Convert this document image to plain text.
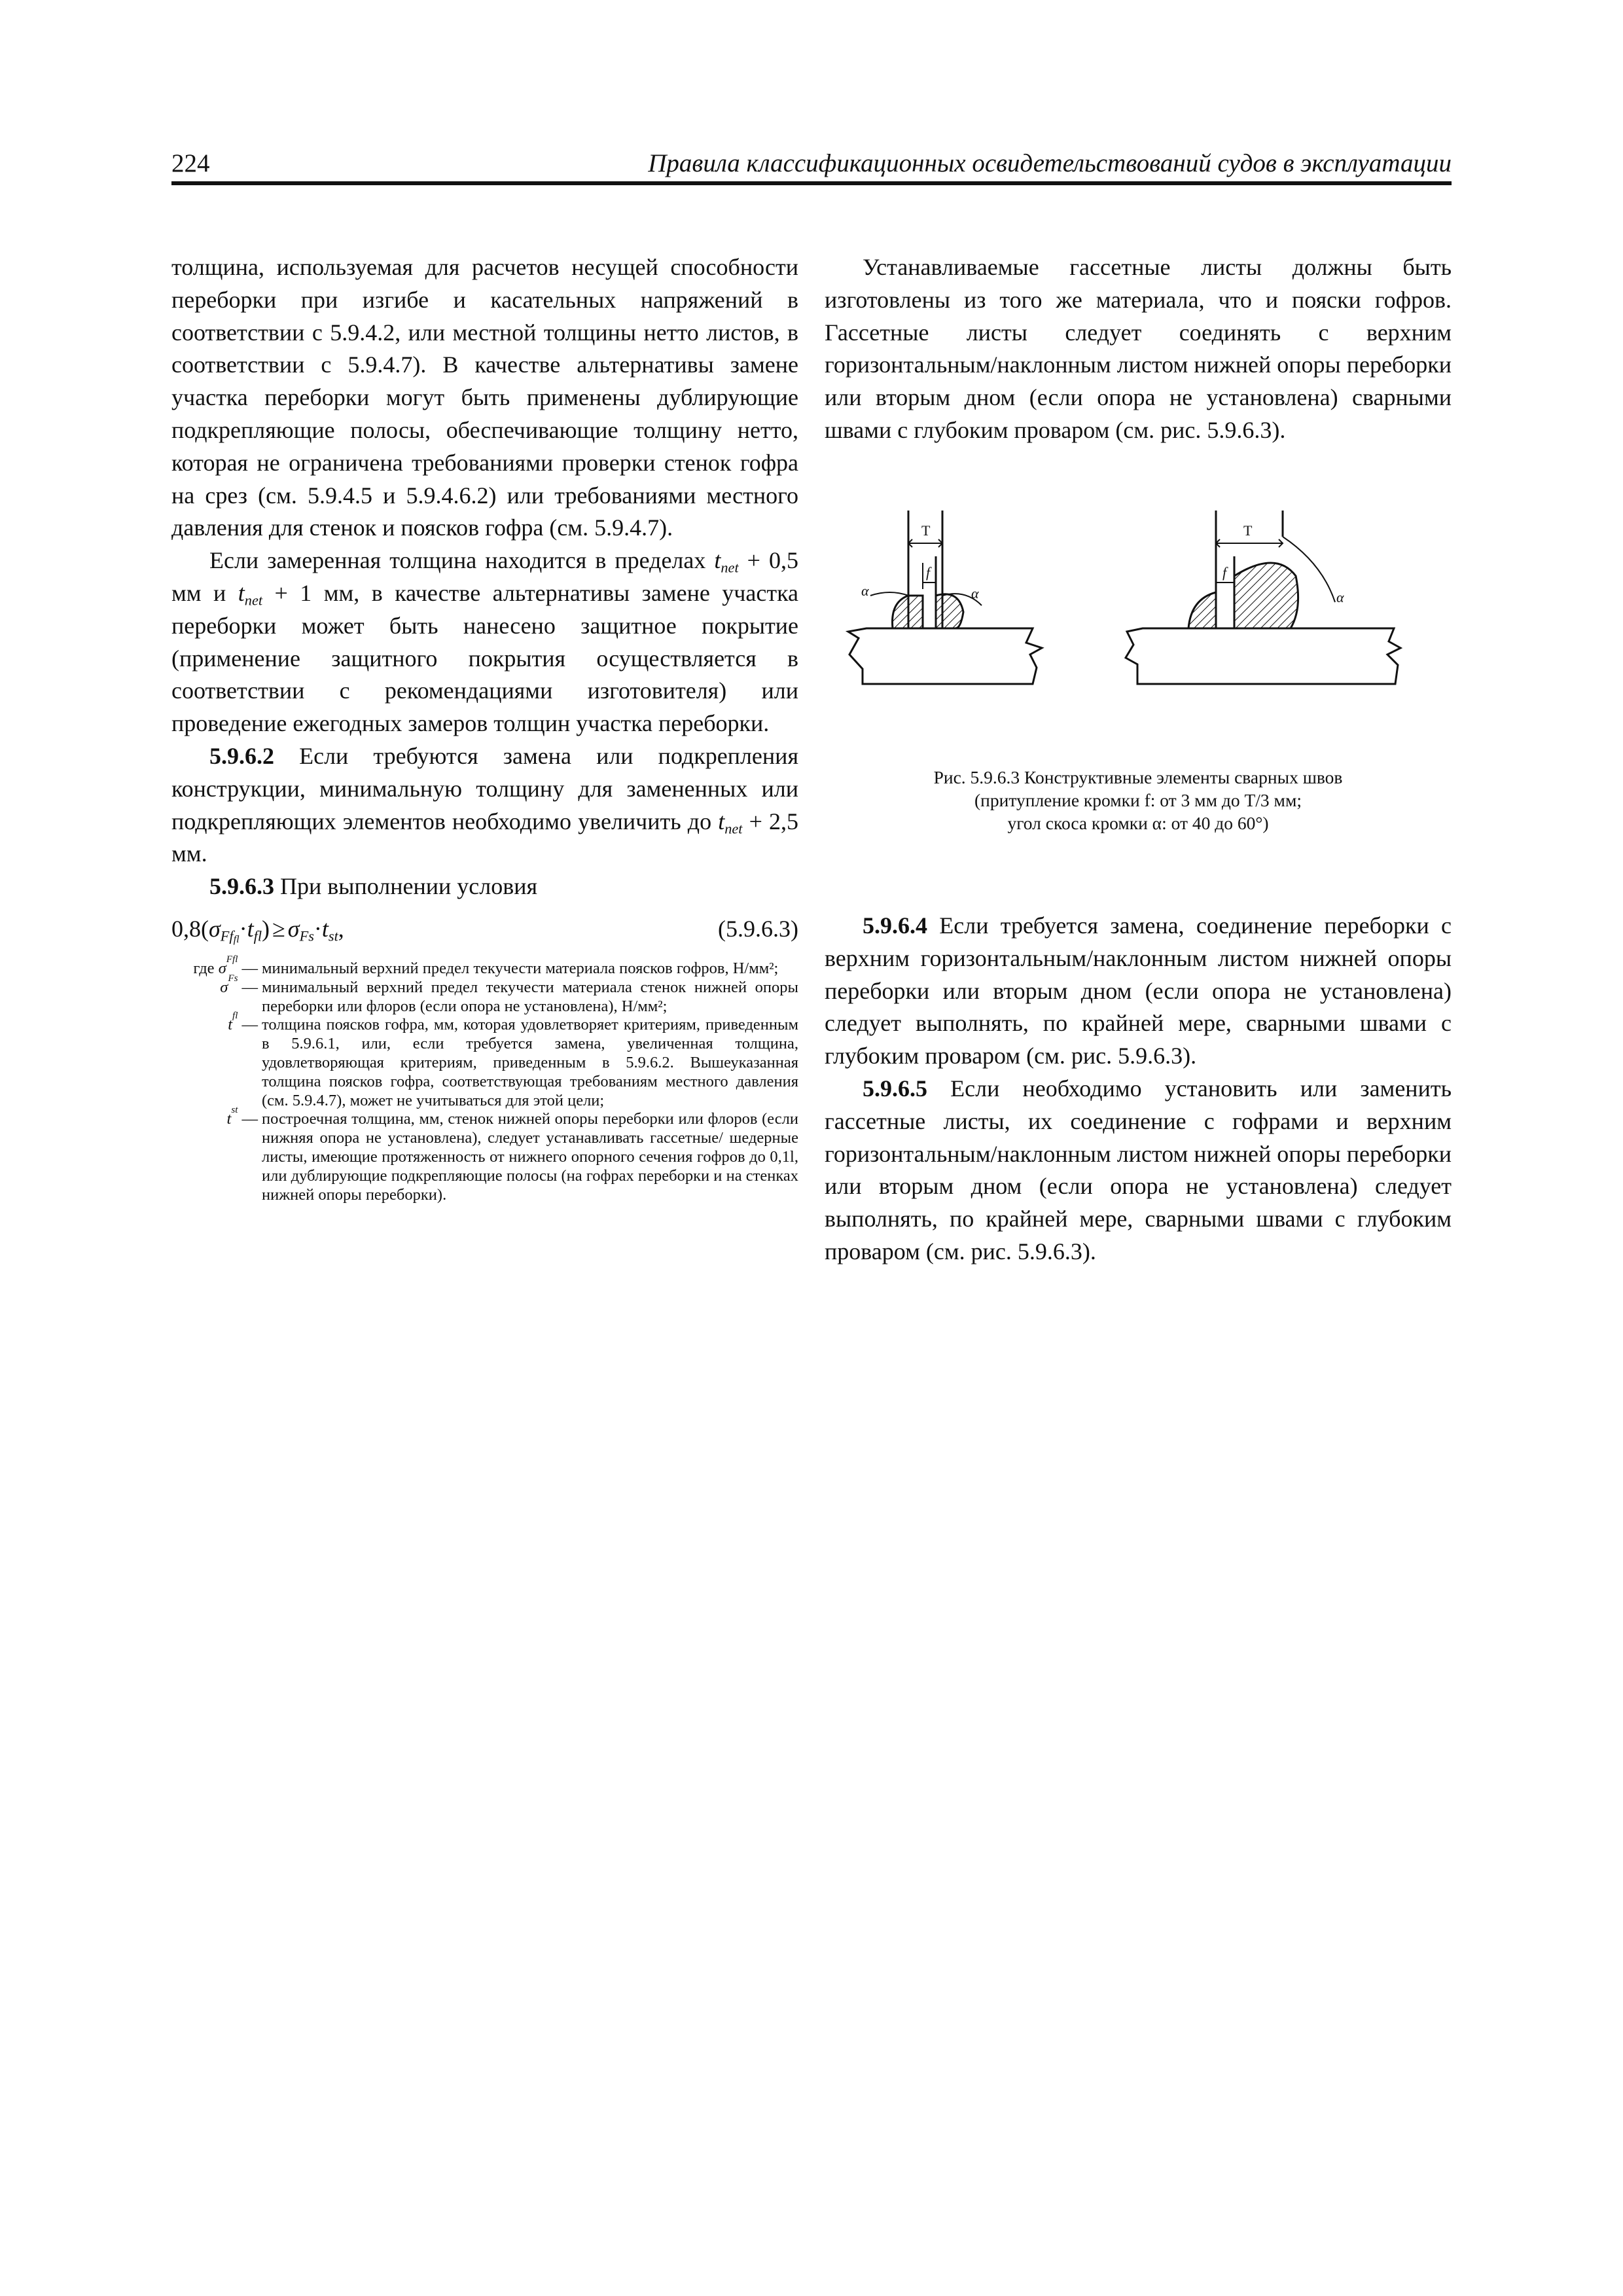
224	Правила классификационных освидетельствований судов в эксплуатации

толщина, используемая для расчетов несущей способности переборки при изгибе и касательных напряжений в соответствии с 5.9.4.2, или местной толщины нетто листов, в соответствии с 5.9.4.7). В качестве альтернативы замене участка переборки могут быть применены дублирующие подкрепляющие полосы, обеспечивающие толщину нетто, которая не ограничена требованиями проверки стенок гофра на срез (см. 5.9.4.5 и 5.9.4.6.2) или требованиями местного давления для стенок и поясков гофра (см. 5.9.4.7).

Если замеренная толщина находится в пределах $t_{net} + 0,5$ мм и $t_{net} + 1$ мм, в качестве альтернативы замене участка переборки может быть нанесено защитное покрытие (применение защитного покрытия осуществляется в соответствии с рекомендациями изготовителя) или проведение ежегодных замеров толщин участка переборки.

5.9.6.2 Если требуются замена или подкрепления конструкции, минимальную толщину для замененных или подкрепляющих элементов необходимо увеличить до $t_{net} + 2,5$ мм.

5.9.6.3 При выполнении условия

$0,8(\sigma_{Fffl}\cdot t_{fl}) \ge \sigma_{Fs}\cdot t_{st}$,	(5.9.6.3)
где
σ
Ffl
— минимальный верхний предел текучести материала поясков гофров, Н/мм²;
σ
Fs
— минимальный верхний предел текучести материала стенок нижней опоры переборки или флоров (если опора не установлена), Н/мм²;
t
fl
— толщина поясков гофра, мм, которая удовлетворяет критериям, приведенным в 5.9.6.1, или, если требуется замена, увеличенная толщина, удовлетворяющая критериям, приведенным в 5.9.6.2. Вышеуказанная толщина поясков гофра, соответствующая требованиям местного давления (см. 5.9.4.7), может не учитываться для этой цели;
t
st
— построечная толщина, мм, стенок нижней опоры переборки или флоров (если нижняя опора не установлена), следует устанавливать гассетные/ шедерные листы, имеющие протяженность от нижнего опорного сечения гофров до 0,1l, или дублирующие подкрепляющие полосы (на гофрах переборки и на стенках нижней опоры переборки).

Устанавливаемые гассетные листы должны быть изготовлены из того же материала, что и пояски гофров. Гассетные листы следует соединять с верхним горизонтальным/наклонным листом нижней опоры переборки или вторым дном (если опора не установлена) сварными швами с глубоким проваром (см. рис. 5.9.6.3).

T	T
f	f
α	α	α
Рис. 5.9.6.3 Конструктивные элементы сварных швов
(притупление кромки f: от 3 мм до T/3 мм;
угол скоса кромки α: от 40 до 60°)

5.9.6.4 Если требуется замена, соединение переборки с верхним горизонтальным/наклонным листом нижней опоры переборки или вторым дном (если опора не установлена) следует выполнять, по крайней мере, сварными швами с глубоким проваром (см. рис. 5.9.6.3).

5.9.6.5 Если необходимо установить или заменить гассетные листы, их соединение с гофрами и верхним горизонтальным/наклонным листом нижней опоры переборки или вторым дном (если опора не установлена) следует выполнять, по крайней мере, сварными швами с глубоким проваром (см. рис. 5.9.6.3).
